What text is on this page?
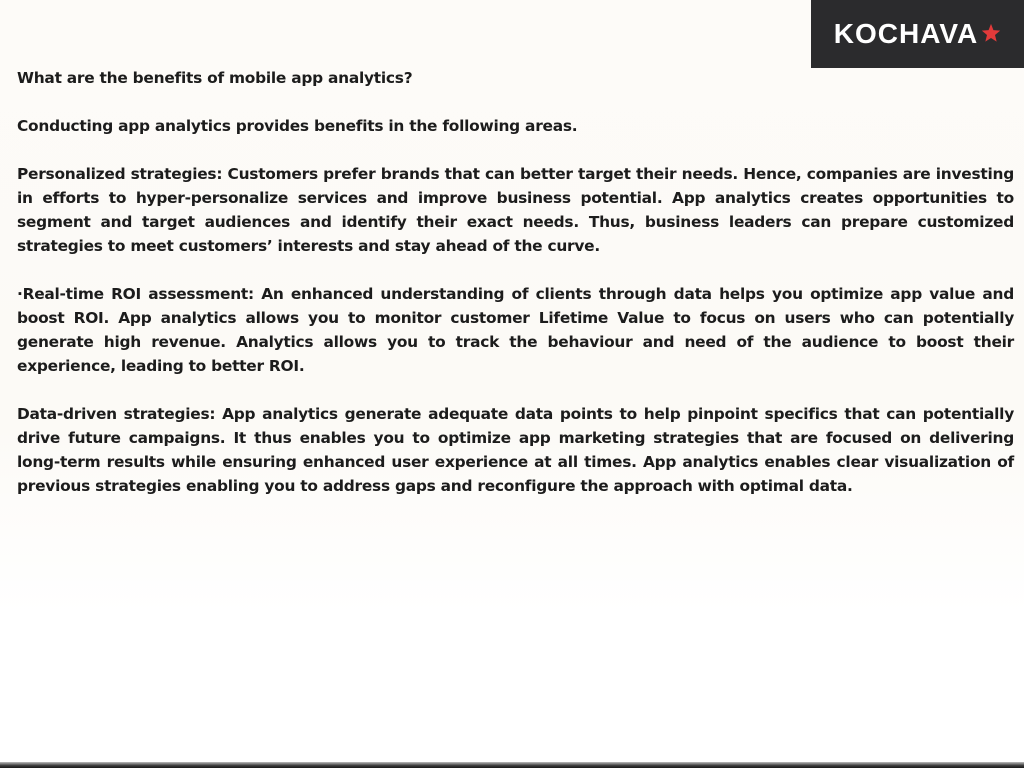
KOCHAVA

What are the benefits of mobile app analytics?

Conducting app analytics provides benefits in the following areas.

Personalized strategies: Customers prefer brands that can better target their needs. Hence, companies are investing in efforts to hyper-personalize services and improve business potential. App analytics creates opportunities to segment and target audiences and identify their exact needs. Thus, business leaders can prepare customized strategies to meet customers’ interests and stay ahead of the curve.

·Real-time ROI assessment: An enhanced understanding of clients through data helps you optimize app value and boost ROI. App analytics allows you to monitor customer Lifetime Value to focus on users who can potentially generate high revenue. Analytics allows you to track the behaviour and need of the audience to boost their experience, leading to better ROI.

Data-driven strategies: App analytics generate adequate data points to help pinpoint specifics that can potentially drive future campaigns. It thus enables you to optimize app marketing strategies that are focused on delivering long-term results while ensuring enhanced user experience at all times. App analytics enables clear visualization of previous strategies enabling you to address gaps and reconfigure the approach with optimal data.
